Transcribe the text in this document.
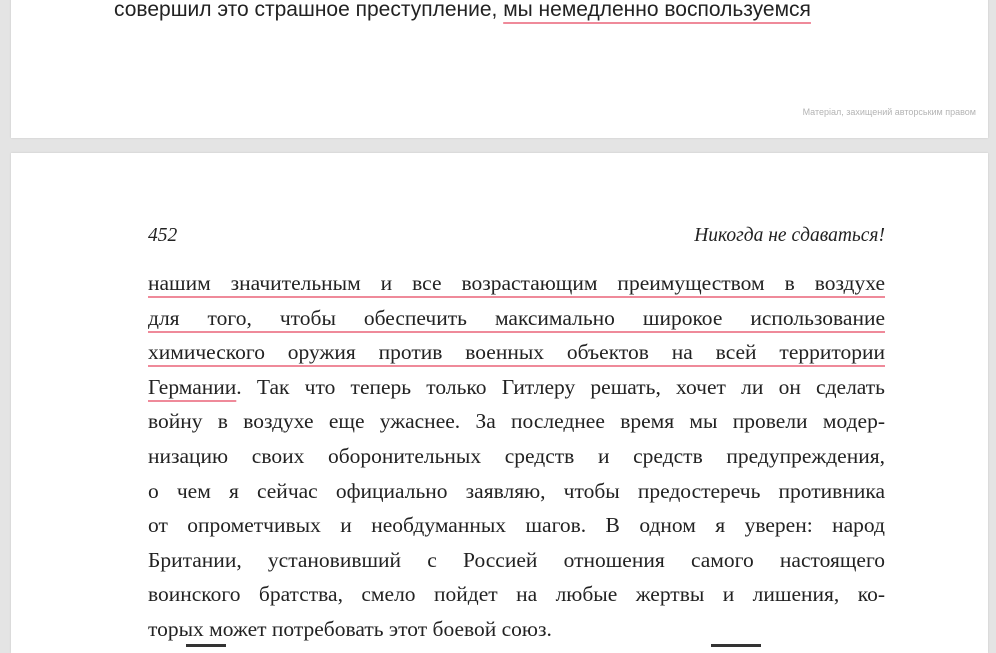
совершил это страшное преступление, мы немедленно воспользуемся

Матеріал, захищений авторським правом

452	Никогда не сдаваться!
нашим значительным и все возрастающим преимуществом в воздухе
для того, чтобы обеспечить максимально широкое использование
химического оружия против военных объектов на всей территории
Германии. Так что теперь только Гитлеру решать, хочет ли он сделать
войну в воздухе еще ужаснее. За последнее время мы провели модер-
низацию своих оборонительных средств и средств предупреждения,
о чем я сейчас официально заявляю, чтобы предостеречь противника
от опрометчивых и необдуманных шагов. В одном я уверен: народ
Британии, установивший с Россией отношения самого настоящего
воинского братства, смело пойдет на любые жертвы и лишения, ко-
торых может потребовать этот боевой союз.
